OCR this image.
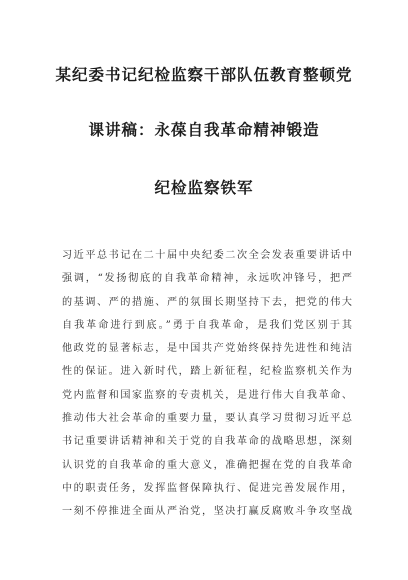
某纪委书记纪检监察干部队伍教育整顿党
课讲稿：永葆自我革命精神锻造
纪检监察铁军
习近平总书记在二十届中央纪委二次全会发表重要讲话中
强调，“发扬彻底的自我革命精神，永远吹冲锋号，把严
的基调、严的措施、严的氛围长期坚持下去，把党的伟大
自我革命进行到底。”勇于自我革命，是我们党区别于其
他政党的显著标志，是中国共产党始终保持先进性和纯洁
性的保证。进入新时代，踏上新征程，纪检监察机关作为
党内监督和国家监察的专责机关，是进行伟大自我革命、
推动伟大社会革命的重要力量，要认真学习贯彻习近平总
书记重要讲话精神和关于党的自我革命的战略思想，深刻
认识党的自我革命的重大意义，准确把握在党的自我革命
中的职责任务，发挥监督保障执行、促进完善发展作用，
一刻不停推进全面从严治党，坚决打赢反腐败斗争攻坚战
